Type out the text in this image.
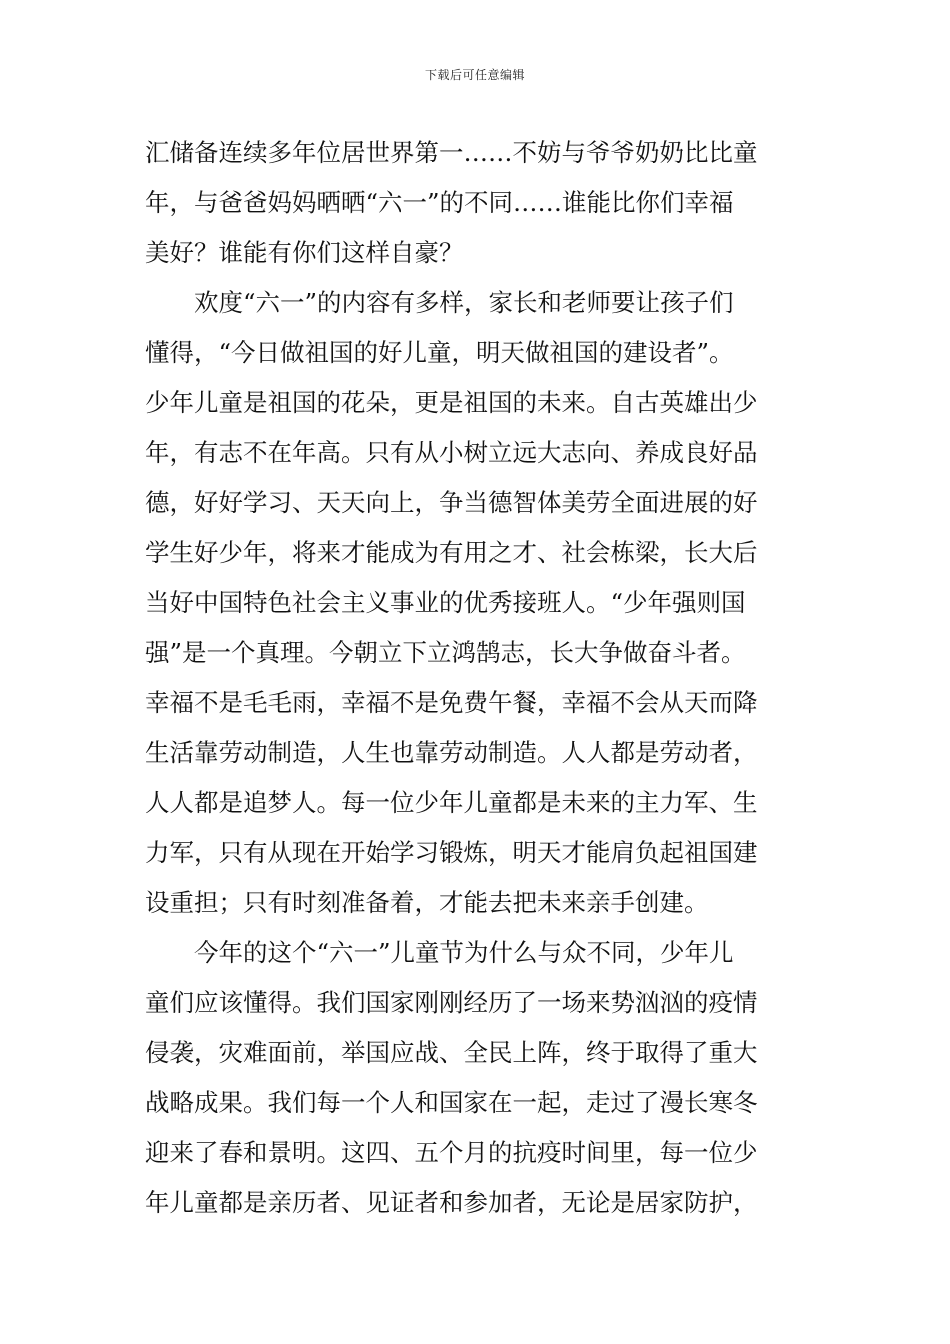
下载后可任意编辑
汇储备连续多年位居世界第一……不妨与爷爷奶奶比比童
年，与爸爸妈妈晒晒“六一”的不同……谁能比你们幸福
美好？谁能有你们这样自豪？
　　欢度“六一”的内容有多样，家长和老师要让孩子们
懂得，“今日做祖国的好儿童，明天做祖国的建设者”。
少年儿童是祖国的花朵，更是祖国的未来。自古英雄出少
年，有志不在年高。只有从小树立远大志向、养成良好品
德，好好学习、天天向上，争当德智体美劳全面进展的好
学生好少年，将来才能成为有用之才、社会栋梁，长大后
当好中国特色社会主义事业的优秀接班人。“少年强则国
强”是一个真理。今朝立下立鸿鹄志，长大争做奋斗者。
幸福不是毛毛雨，幸福不是免费午餐，幸福不会从天而降
生活靠劳动制造，人生也靠劳动制造。人人都是劳动者，
人人都是追梦人。每一位少年儿童都是未来的主力军、生
力军，只有从现在开始学习锻炼，明天才能肩负起祖国建
设重担；只有时刻准备着，才能去把未来亲手创建。
　　今年的这个“六一”儿童节为什么与众不同，少年儿
童们应该懂得。我们国家刚刚经历了一场来势汹汹的疫情
侵袭，灾难面前，举国应战、全民上阵，终于取得了重大
战略成果。我们每一个人和国家在一起，走过了漫长寒冬
迎来了春和景明。这四、五个月的抗疫时间里，每一位少
年儿童都是亲历者、见证者和参加者，无论是居家防护，
